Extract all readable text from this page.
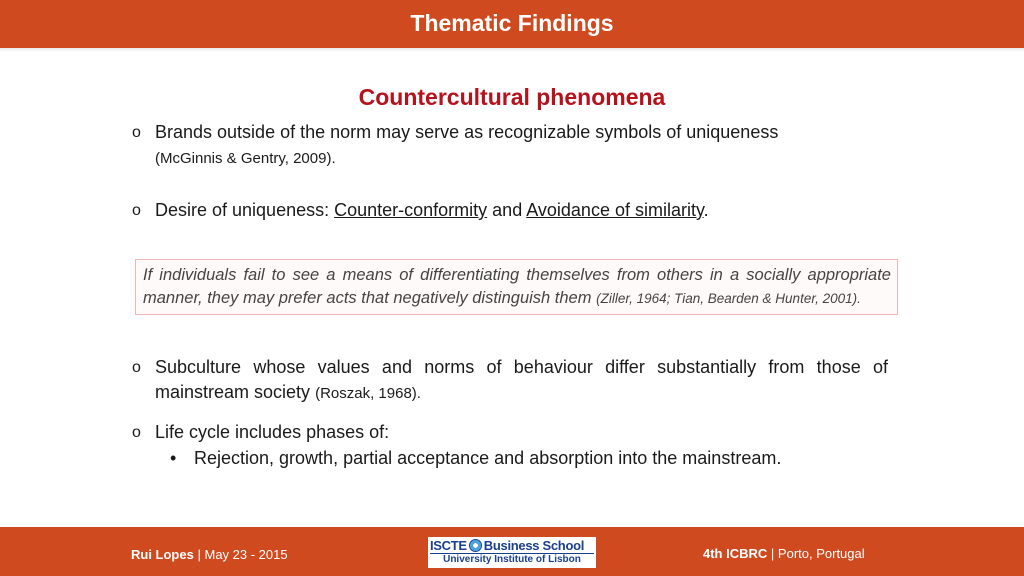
Thematic Findings
Countercultural phenomena
o Brands outside of the norm may serve as recognizable symbols of uniqueness
(McGinnis & Gentry, 2009).
o Desire of uniqueness: Counter-conformity and Avoidance of similarity.
If individuals fail to see a means of differentiating themselves from others in a socially appropriate manner, they may prefer acts that negatively distinguish them (Ziller, 1964; Tian, Bearden & Hunter, 2001).
o Subculture whose values and norms of behaviour differ substantially from those of mainstream society (Roszak, 1968).
o Life cycle includes phases of:
• Rejection, growth, partial acceptance and absorption into the mainstream.
Rui Lopes | May 23 - 2015
ISCTE Business School
University Institute of Lisbon	4th ICBRC | Porto, Portugal
